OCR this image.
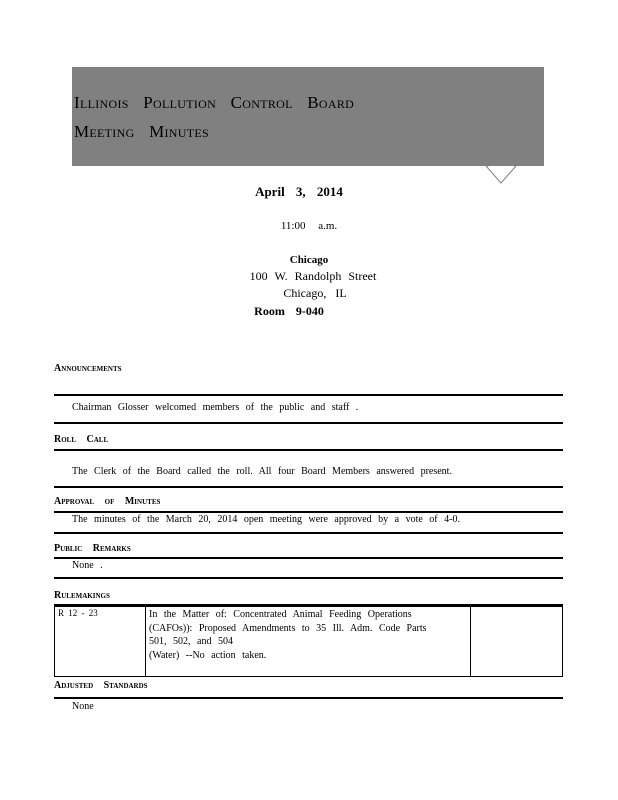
Illinois Pollution Control Board
Meeting Minutes
April 3, 2014
11:00 a.m.
Chicago
100 W. Randolph Street
Chicago, IL
Room 9-040
Announcements
Chairman Glosser welcomed members of the public and staff .
Roll Call
The Clerk of the Board called the roll. All four Board Members answered present.
Approval of Minutes
The minutes of the March 20, 2014 open meeting were approved by a vote of 4-0.
Public Remarks
None .
Rulemakings
R 12 - 23	In the Matter of: Concentrated Animal Feeding Operations
(CAFOs)): Proposed Amendments to 35 Ill. Adm. Code Parts
501, 502, and 504
(Water) --No action taken.

Adjusted Standards
None
